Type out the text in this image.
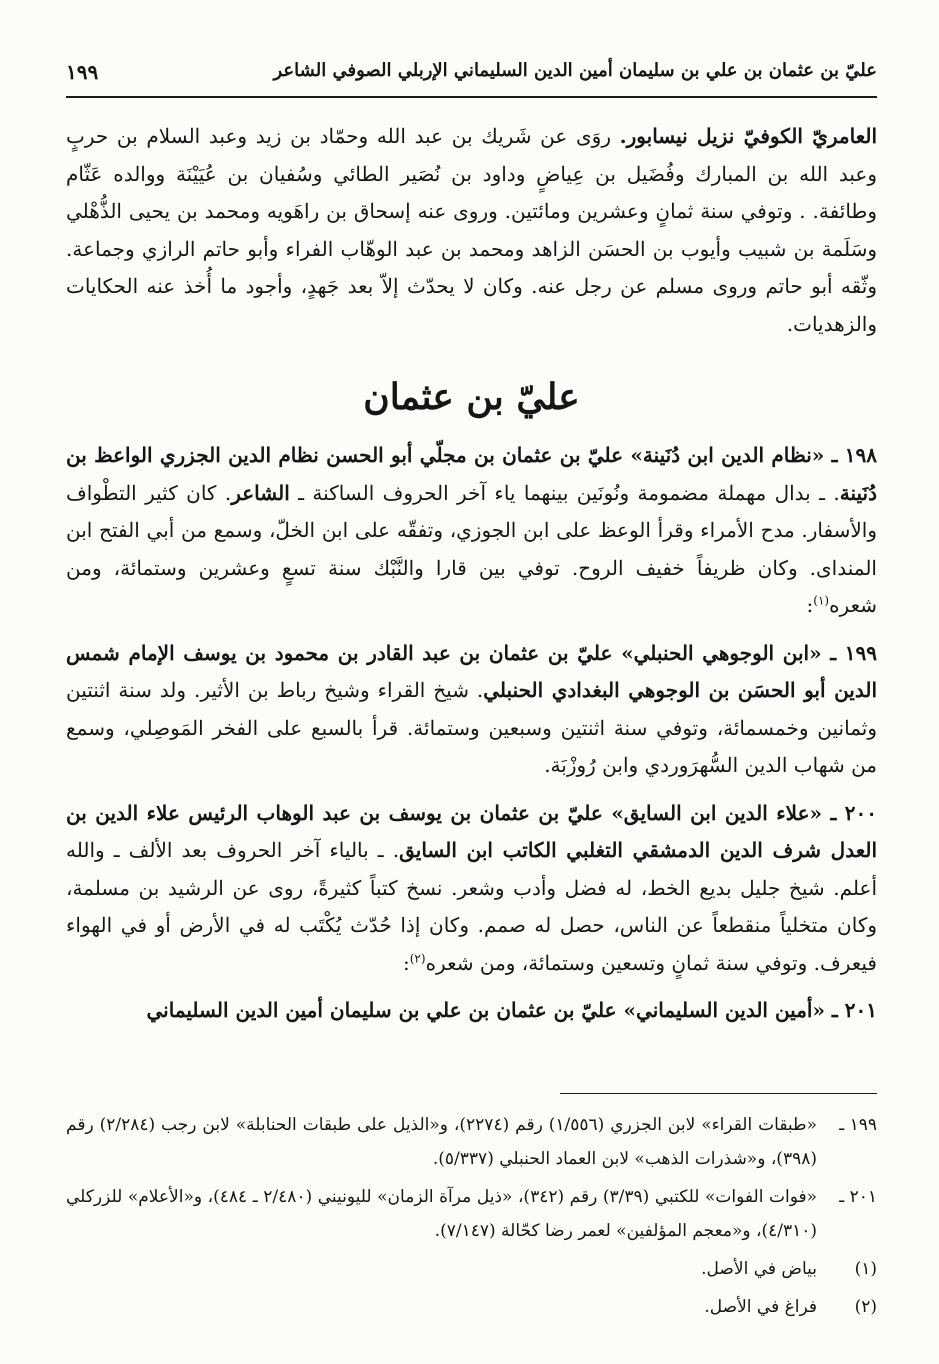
عليّ بن عثمان بن علي بن سليمان أمين الدين السليماني الإربلي الصوفي الشاعر
١٩٩

العامريّ الكوفيّ نزيل نيسابور. روَى عن شَريك بن عبد الله وحمّاد بن زيد وعبد السلام بن حربٍ وعبد الله بن المبارك وفُضَيل بن عِياضٍ وداود بن نُصَير الطائي وسُفيان بن عُيَيْنَة ووالده عَثّام وطائفة. . وتوفي سنة ثمانٍ وعشرين ومائتين. وروى عنه إسحاق بن راهَويه ومحمد بن يحيى الذُّهْلي وسَلَمة بن شبيب وأيوب بن الحسَن الزاهد ومحمد بن عبد الوهّاب الفراء وأبو حاتم الرازي وجماعة. وثّقه أبو حاتم وروى مسلم عن رجل عنه. وكان لا يحدّث إلاّ بعد جَهدٍ، وأجود ما أُخذ عنه الحكايات والزهديات.

عليّ بن عثمان

١٩٨ ـ «نظام الدين ابن دُنَينة» عليّ بن عثمان بن مجلّي أبو الحسن نظام الدين الجزري الواعظ بن دُنَينة. ـ بدال مهملة مضمومة ونُونَين بينهما ياء آخر الحروف الساكنة ـ الشاعر. كان كثير التطْواف والأسفار. مدح الأمراء وقرأ الوعظ على ابن الجوزي، وتفقّه على ابن الخلّ، وسمع من أبي الفتح ابن المنداى. وكان ظريفاً خفيف الروح. توفي بين قارا والنَّبْك سنة تسعٍ وعشرين وستمائة، ومن شعره$^{(١)}$:

١٩٩ ـ «ابن الوجوهي الحنبلي» عليّ بن عثمان بن عبد القادر بن محمود بن يوسف الإمام شمس الدين أبو الحسَن بن الوجوهي البغدادي الحنبلي. شيخ القراء وشيخ رباط بن الأثير. ولد سنة اثنتين وثمانين وخمسمائة، وتوفي سنة اثنتين وسبعين وستمائة. قرأ بالسبع على الفخر المَوصِلي، وسمع من شهاب الدين السُّهرَوردي وابن رُوزْبَة.

٢٠٠ ـ «علاء الدين ابن السايق» عليّ بن عثمان بن يوسف بن عبد الوهاب الرئيس علاء الدين بن العدل شرف الدين الدمشقي التغلبي الكاتب ابن السايق. ـ بالياء آخر الحروف بعد الألف ـ والله أعلم. شيخ جليل بديع الخط، له فضل وأدب وشعر. نسخ كتباً كثيرةً، روى عن الرشيد بن مسلمة، وكان متخلياً منقطعاً عن الناس، حصل له صمم. وكان إذا حُدّث يُكْتَب له في الأرض أو في الهواء فيعرف. وتوفي سنة ثمانٍ وتسعين وستمائة، ومن شعره$^{(٢)}$:

٢٠١ ـ «أمين الدين السليماني» عليّ بن عثمان بن علي بن سليمان أمين الدين السليماني

١٩٩ ـ
«طبقات القراء» لابن الجزري (١/٥٥٦) رقم (٢٢٧٤)، و«الذيل على طبقات الحنابلة» لابن رجب (٢/٢٨٤) رقم (٣٩٨)، و«شذرات الذهب» لابن العماد الحنبلي (٥/٣٣٧).
٢٠١ ـ
«فوات الفوات» للكتبي (٣/٣٩) رقم (٣٤٢)، «ذيل مرآة الزمان» لليونيني (٢/٤٨٠ ـ ٤٨٤)، و«الأعلام» للزركلي (٤/٣١٠)، و«معجم المؤلفين» لعمر رضا كحّالة (٧/١٤٧).
(١)
بياض في الأصل.
(٢)
فراغ في الأصل.
